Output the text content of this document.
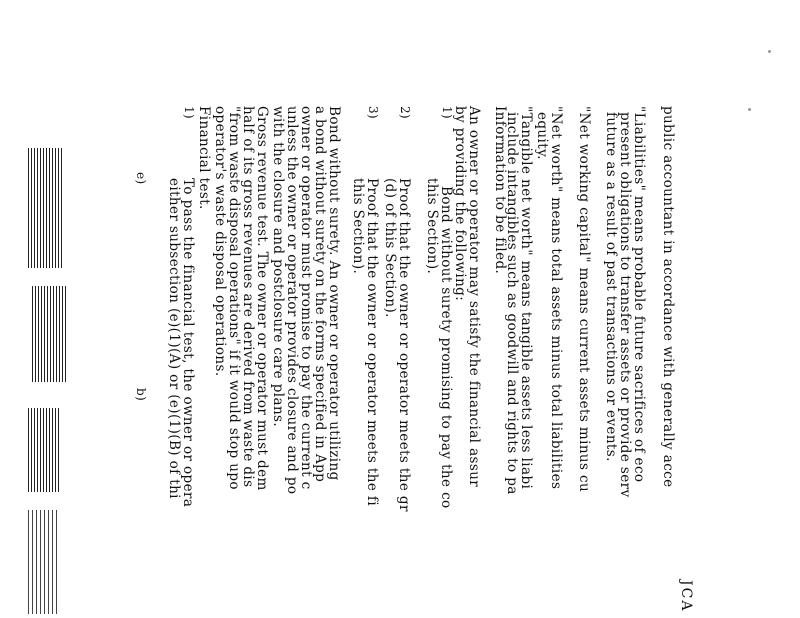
JCA
public accountant in accordance with generally acce
"Liabilities" means probable future sacrifices of eco
present obligations to transfer assets or provide serv
future as a result of past transactions or events.
"Net working capital" means current assets minus cu
"Net worth" means total assets minus total liabilities
equity.
"Tangible net worth" means tangible assets less liabi
include intangibles such as goodwill and rights to pa
Information to be filed.
An owner or operator may satisfy the financial assur
by providing the following:
1)
Bond without surety promising to pay the co
this Section).
2)
Proof that the owner or operator meets the gr
(d) of this Section).
3)
Proof that the owner or operator meets the fi
this Section).
Bond without surety. An owner or operator utilizing
a bond without surety on the forms specified in App
owner or operator must promise to pay the current c
unless the owner or operator provides closure and po
with the closure and postclosure care plans.
Gross revenue test. The owner or operator must dem
half of its gross revenues are derived from waste dis
"from waste disposal operations" if it would stop upo
operator's waste disposal operations.
Financial test.
1)
To pass the financial test, the owner or opera
either subsection (e)(1)(A) or (e)(1)(B) of thi
b)
e)
